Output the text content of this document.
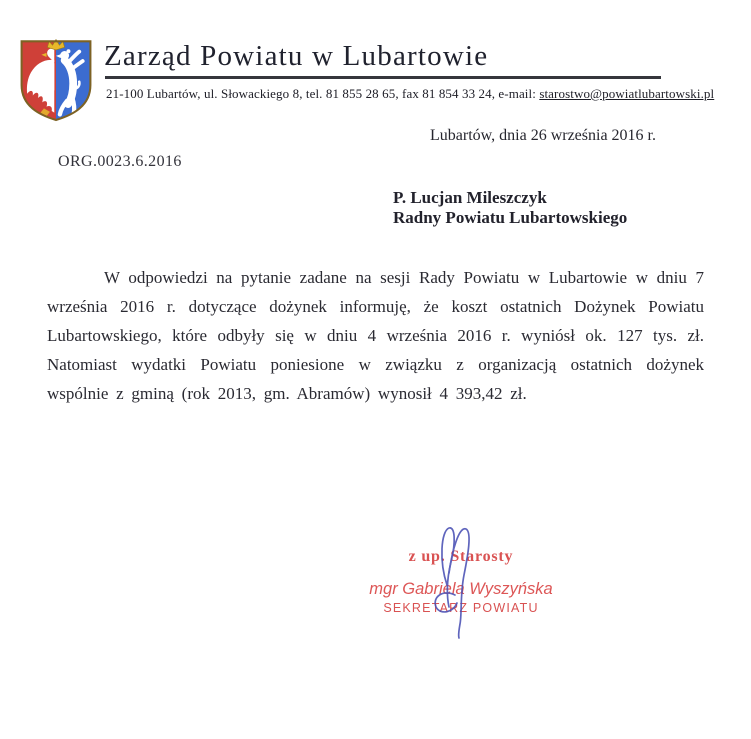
Zarząd Powiatu w Lubartowie
21-100 Lubartów, ul. Słowackiego 8, tel. 81 855 28 65, fax 81 854 33 24, e-mail: starostwo@powiatlubartowski.pl
Lubartów, dnia 26 września 2016 r.
ORG.0023.6.2016
P. Lucjan Mileszczyk
Radny Powiatu Lubartowskiego

W odpowiedzi na pytanie zadane na sesji Rady Powiatu w Lubartowie w dniu 7 września 2016 r. dotyczące dożynek informuję, że koszt ostatnich Dożynek Powiatu Lubartowskiego, które odbyły się w dniu 4 września 2016 r. wyniósł ok. 127 tys. zł. Natomiast wydatki Powiatu poniesione w związku z organizacją ostatnich dożynek wspólnie z gminą (rok 2013, gm. Abramów) wynosił 4 393,42 zł.

z up. Starosty
mgr Gabriela Wyszyńska
SEKRETARZ POWIATU
